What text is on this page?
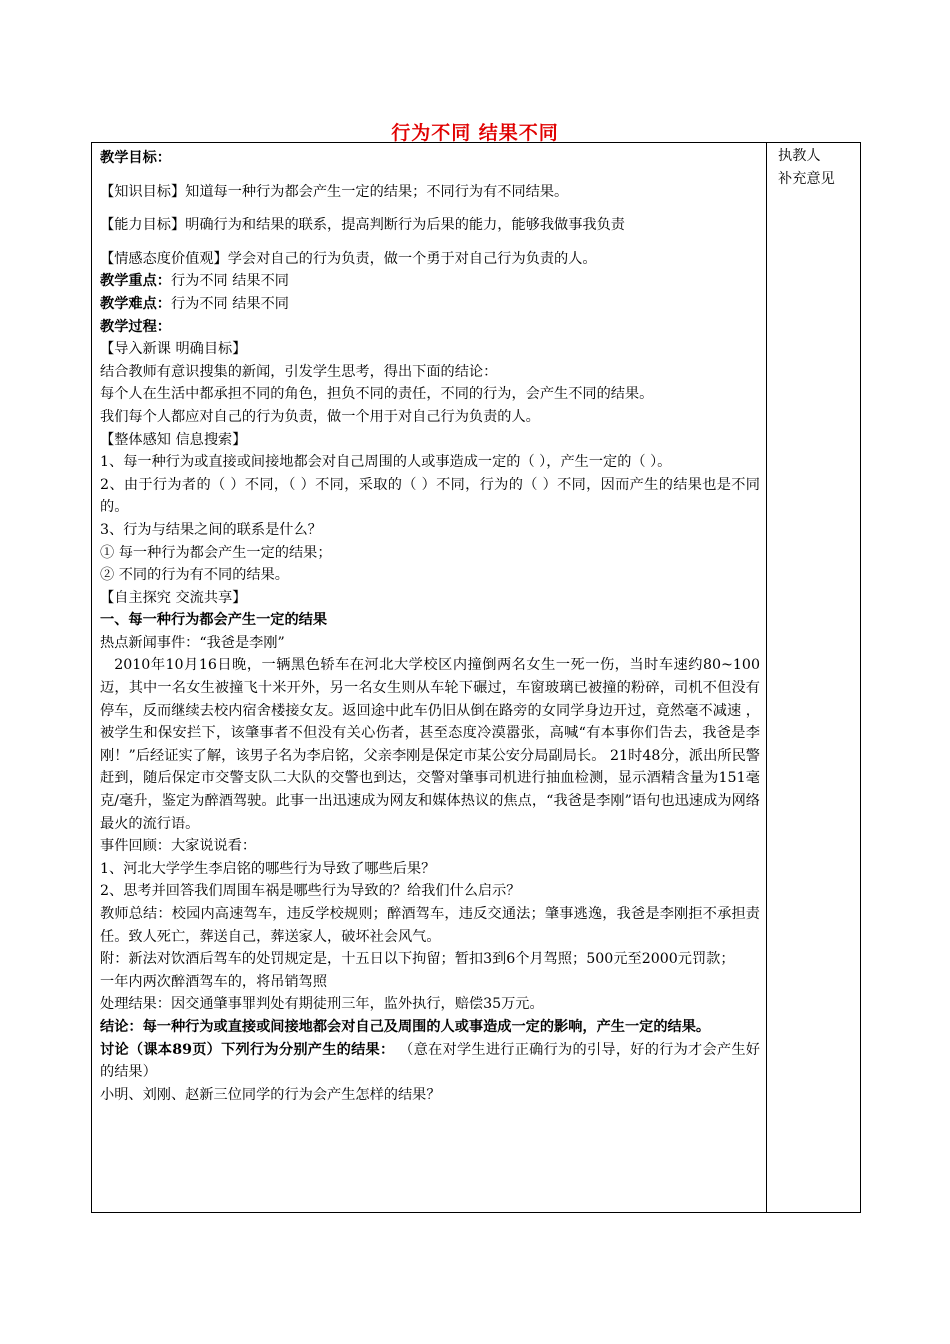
行为不同 结果不同

教学目标：

【知识目标】知道每一种行为都会产生一定的结果；不同行为有不同结果。

【能力目标】明确行为和结果的联系，提高判断行为后果的能力，能够我做事我负责

【情感态度价值观】学会对自己的行为负责，做一个勇于对自己行为负责的人。

教学重点：行为不同 结果不同

教学难点：行为不同 结果不同

教学过程：

【导入新课 明确目标】

结合教师有意识搜集的新闻，引发学生思考，得出下面的结论：

每个人在生活中都承担不同的角色，担负不同的责任，不同的行为，会产生不同的结果。

我们每个人都应对自己的行为负责，做一个用于对自己行为负责的人。

【整体感知 信息搜索】

1、每一种行为或直接或间接地都会对自己周围的人或事造成一定的（ ），产生一定的（ ）。

2、由于行为者的（ ）不同，（ ）不同，采取的（ ）不同，行为的（ ）不同，因而产生的结果也是不同的。

3、行为与结果之间的联系是什么？

① 每一种行为都会产生一定的结果；

② 不同的行为有不同的结果。

【自主探究 交流共享】

一、每一种行为都会产生一定的结果

热点新闻事件：“我爸是李刚”

2010年10月16日晚，一辆黑色轿车在河北大学校区内撞倒两名女生一死一伤，当时车速约80~100迈，其中一名女生被撞飞十米开外，另一名女生则从车轮下碾过，车窗玻璃已被撞的粉碎，司机不但没有停车，反而继续去校内宿舍楼接女友。返回途中此车仍旧从倒在路旁的女同学身边开过，竟然毫不减速 ，被学生和保安拦下，该肇事者不但没有关心伤者，甚至态度冷漠嚣张，高喊“有本事你们告去，我爸是李刚！”后经证实了解，该男子名为李启铭，父亲李刚是保定市某公安分局副局长。 21时48分，派出所民警赶到，随后保定市交警支队二大队的交警也到达，交警对肇事司机进行抽血检测，显示酒精含量为151毫克/毫升，鉴定为醉酒驾驶。此事一出迅速成为网友和媒体热议的焦点，“我爸是李刚”语句也迅速成为网络最火的流行语。

事件回顾：大家说说看：

1、河北大学学生李启铭的哪些行为导致了哪些后果？

2、思考并回答我们周围车祸是哪些行为导致的？给我们什么启示？

教师总结：校园内高速驾车，违反学校规则；醉酒驾车，违反交通法；肇事逃逸，我爸是李刚拒不承担责任。致人死亡，葬送自己，葬送家人，破坏社会风气。

附：新法对饮酒后驾车的处罚规定是，十五日以下拘留；暂扣3到6个月驾照；500元至2000元罚款；

一年内两次醉酒驾车的，将吊销驾照

处理结果：因交通肇事罪判处有期徒刑三年，监外执行，赔偿35万元。

结论：每一种行为或直接或间接地都会对自己及周围的人或事造成一定的影响，产生一定的结果。

讨论（课本89页）下列行为分别产生的结果： （意在对学生进行正确行为的引导，好的行为才会产生好的结果）

小明、刘刚、赵新三位同学的行为会产生怎样的结果？

执教人
补充意见
